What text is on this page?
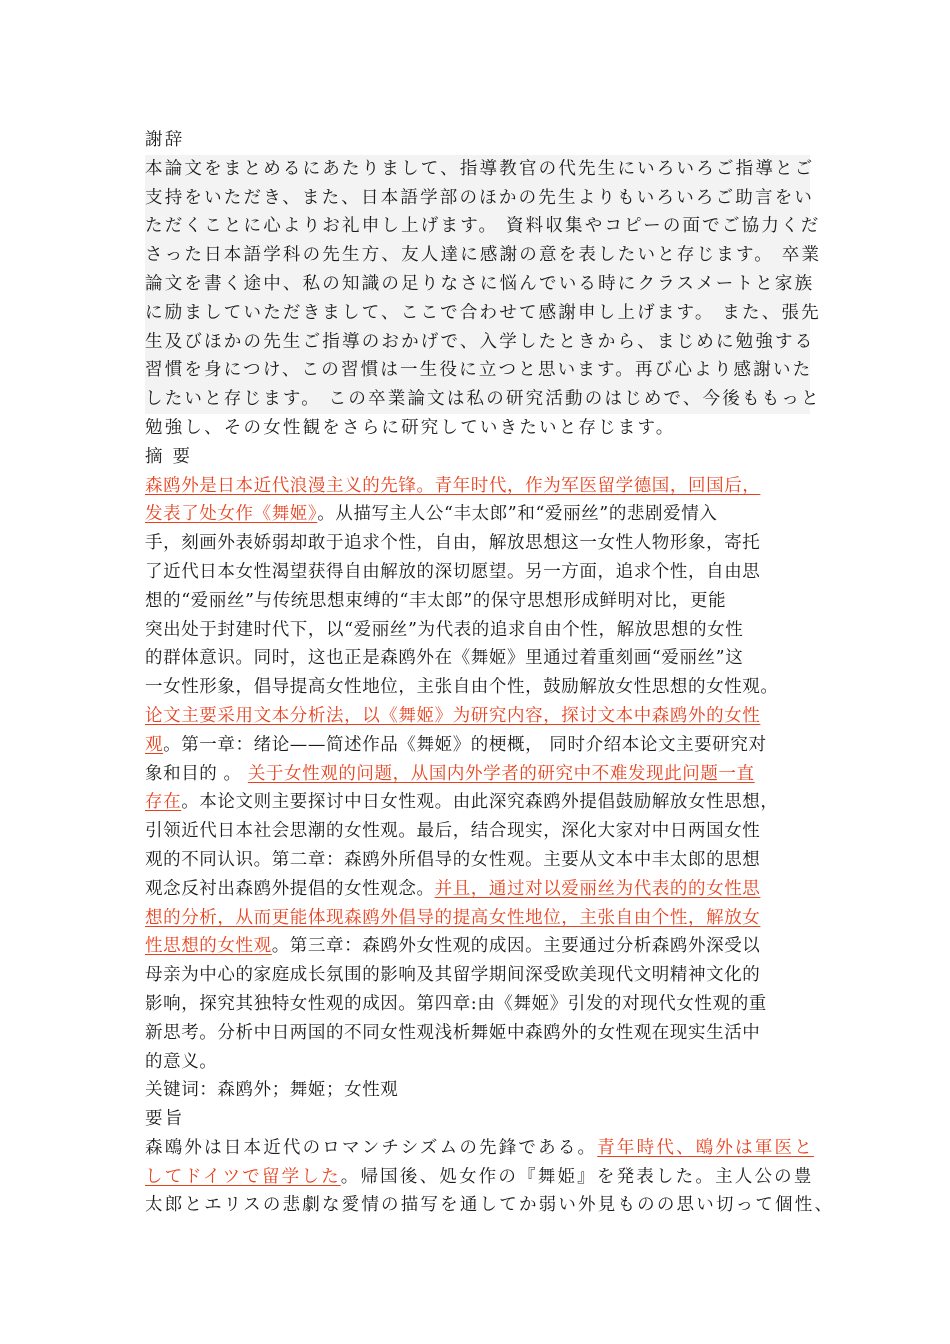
謝辞
本論文をまとめるにあたりまして、指導教官の代先生にいろいろご指導とご
支持をいただき、また、日本語学部のほかの先生よりもいろいろご助言をい
ただくことに心よりお礼申し上げます。 資料収集やコピーの面でご協力くだ
さった日本語学科の先生方、友人達に感謝の意を表したいと存じます。 卒業
論文を書く途中、私の知識の足りなさに悩んでいる時にクラスメートと家族
に励ましていただきまして、ここで合わせて感謝申し上げます。 また、張先
生及びほかの先生ご指導のおかげで、入学したときから、まじめに勉強する
習慣を身につけ、この習慣は一生役に立つと思います。再び心より感謝いた
したいと存じます。 この卒業論文は私の研究活動のはじめで、今後ももっと
勉強し、その女性観をさらに研究していきたいと存じます。
摘 要
森鸥外是日本近代浪漫主义的先锋。青年时代，作为军医留学德国，回国后，
发表了处女作《舞姬》。从描写主人公“丰太郎”和“爱丽丝”的悲剧爱情入
手，刻画外表娇弱却敢于追求个性，自由，解放思想这一女性人物形象，寄托
了近代日本女性渴望获得自由解放的深切愿望。另一方面，追求个性，自由思
想的“爱丽丝”与传统思想束缚的“丰太郎”的保守思想形成鲜明对比，更能
突出处于封建时代下，以“爱丽丝”为代表的追求自由个性，解放思想的女性
的群体意识。同时，这也正是森鸥外在《舞姬》里通过着重刻画“爱丽丝”这
一女性形象，倡导提高女性地位，主张自由个性，鼓励解放女性思想的女性观。
论文主要采用文本分析法，以《舞姬》为研究内容，探讨文本中森鸥外的女性
观。第一章：绪论——简述作品《舞姬》的梗概， 同时介绍本论文主要研究对
象和目的 。 关于女性观的问题，从国内外学者的研究中不难发现此问题一直
存在。本论文则主要探讨中日女性观。由此深究森鸥外提倡鼓励解放女性思想，
引领近代日本社会思潮的女性观。最后，结合现实，深化大家对中日两国女性
观的不同认识。第二章：森鸥外所倡导的女性观。主要从文本中丰太郎的思想
观念反衬出森鸥外提倡的女性观念。并且，通过对以爱丽丝为代表的的女性思
想的分析，从而更能体现森鸥外倡导的提高女性地位，主张自由个性，解放女
性思想的女性观。第三章：森鸥外女性观的成因。主要通过分析森鸥外深受以
母亲为中心的家庭成长氛围的影响及其留学期间深受欧美现代文明精神文化的
影响，探究其独特女性观的成因。第四章:由《舞姬》引发的对现代女性观的重
新思考。分析中日两国的不同女性观浅析舞姬中森鸥外的女性观在现实生活中
的意义。
关键词：森鸥外；舞姬；女性观
要旨
森鴎外は日本近代のロマンチシズムの先鋒である。青年時代、鴎外は軍医と
してドイツで留学した。帰国後、処女作の『舞姫』を発表した。主人公の豊
太郎とエリスの悲劇な愛情の描写を通してか弱い外見ものの思い切って個性、
